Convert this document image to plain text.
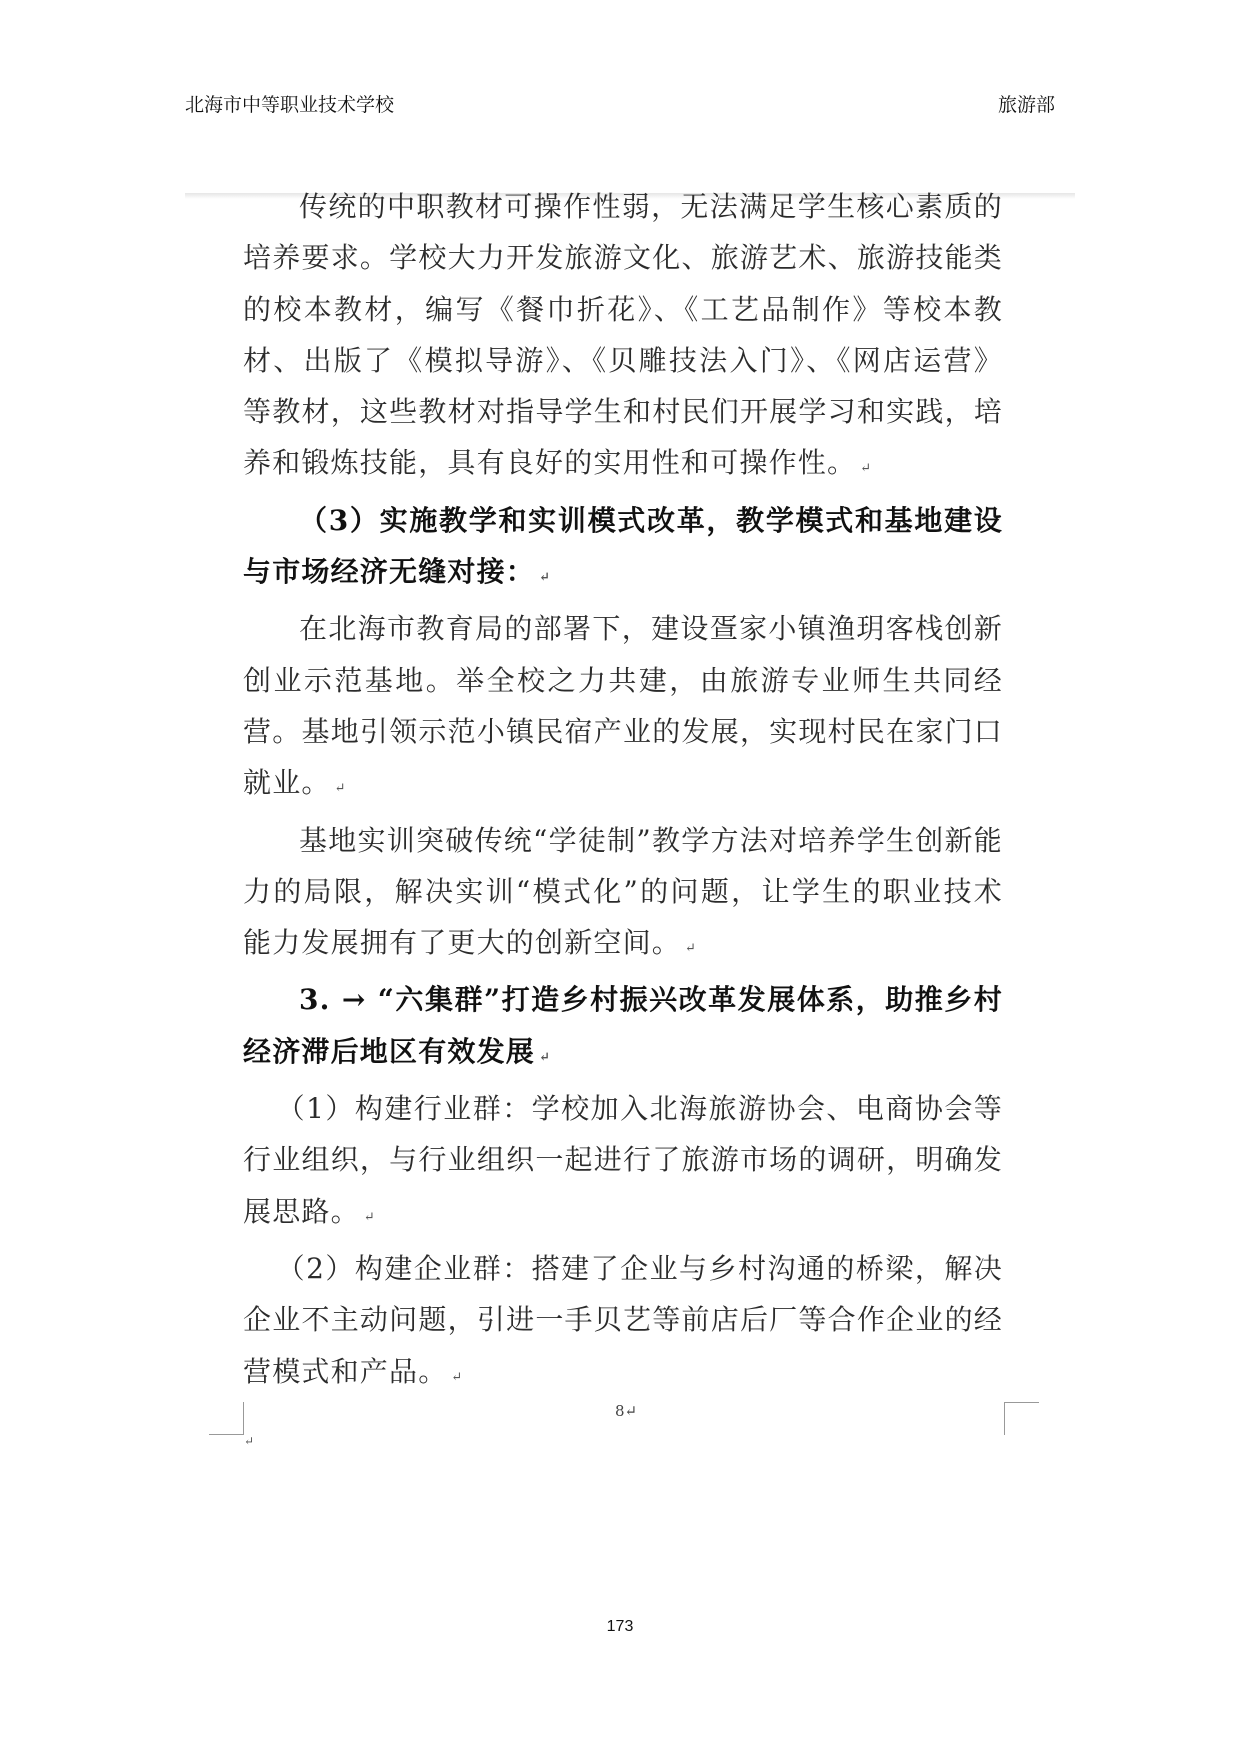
北海市中等职业技术学校	旅游部

传统的中职教材可操作性弱，无法满足学生核心素质的培养要求。学校大力开发旅游文化、旅游艺术、旅游技能类的校本教材，编写《餐巾折花》、《工艺品制作》等校本教材、出版了《模拟导游》、《贝雕技法入门》、《网店运营》等教材，这些教材对指导学生和村民们开展学习和实践，培养和锻炼技能，具有良好的实用性和可操作性。 ↵

（3）实施教学和实训模式改革，教学模式和基地建设与市场经济无缝对接： ↵

在北海市教育局的部署下，建设疍家小镇渔玥客栈创新创业示范基地。举全校之力共建，由旅游专业师生共同经营。基地引领示范小镇民宿产业的发展，实现村民在家门口就业。 ↵

基地实训突破传统“学徒制”教学方法对培养学生创新能力的局限，解决实训“模式化”的问题，让学生的职业技术能力发展拥有了更大的创新空间。 ↵

3. → “六集群”打造乡村振兴改革发展体系，助推乡村经济滞后地区有效发展 ↵

（1）构建行业群：学校加入北海旅游协会、电商协会等行业组织，与行业组织一起进行了旅游市场的调研，明确发展思路。 ↵

（2）构建企业群：搭建了企业与乡村沟通的桥梁，解决企业不主动问题，引进一手贝艺等前店后厂等合作企业的经营模式和产品。 ↵

↵
8↵
173
